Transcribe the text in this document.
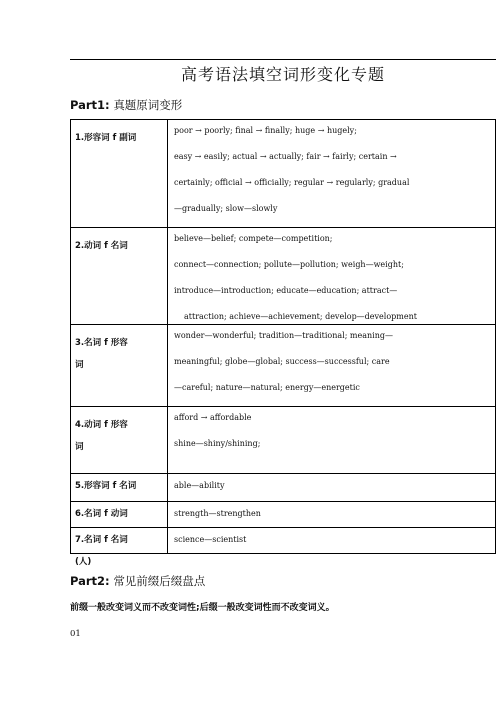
高考语法填空词形变化专题
Part1: 真题原词变形
1.形容词 f 副词
poor → poorly; final → finally; huge → hugely;
easy → easily; actual → actually; fair → fairly; certain →
certainly; official → officially; regular → regularly; gradual
—gradually; slow—slowly
2.动词 f 名词
believe—belief; compete—competition;
connect—connection; pollute—pollution; weigh—weight;
introduce—introduction; educate—education; attract—
attraction; achieve—achievement; develop—development
3.名词 f 形容
词
wonder—wonderful; tradition—traditional; meaning—
meaningful; globe—global; success—successful; care
—careful; nature—natural; energy—energetic
4.动词 f 形容
词
afford → affordable
shine—shiny/shining;
5.形容词 f 名词	able—ability
6.名词 f 动词	strength—strengthen
7.名词 f 名词
(人)
science—scientist
Part2: 常见前缀后缀盘点
前缀一般改变词义而不改变词性;后缀一般改变词性而不改变词义。
01
